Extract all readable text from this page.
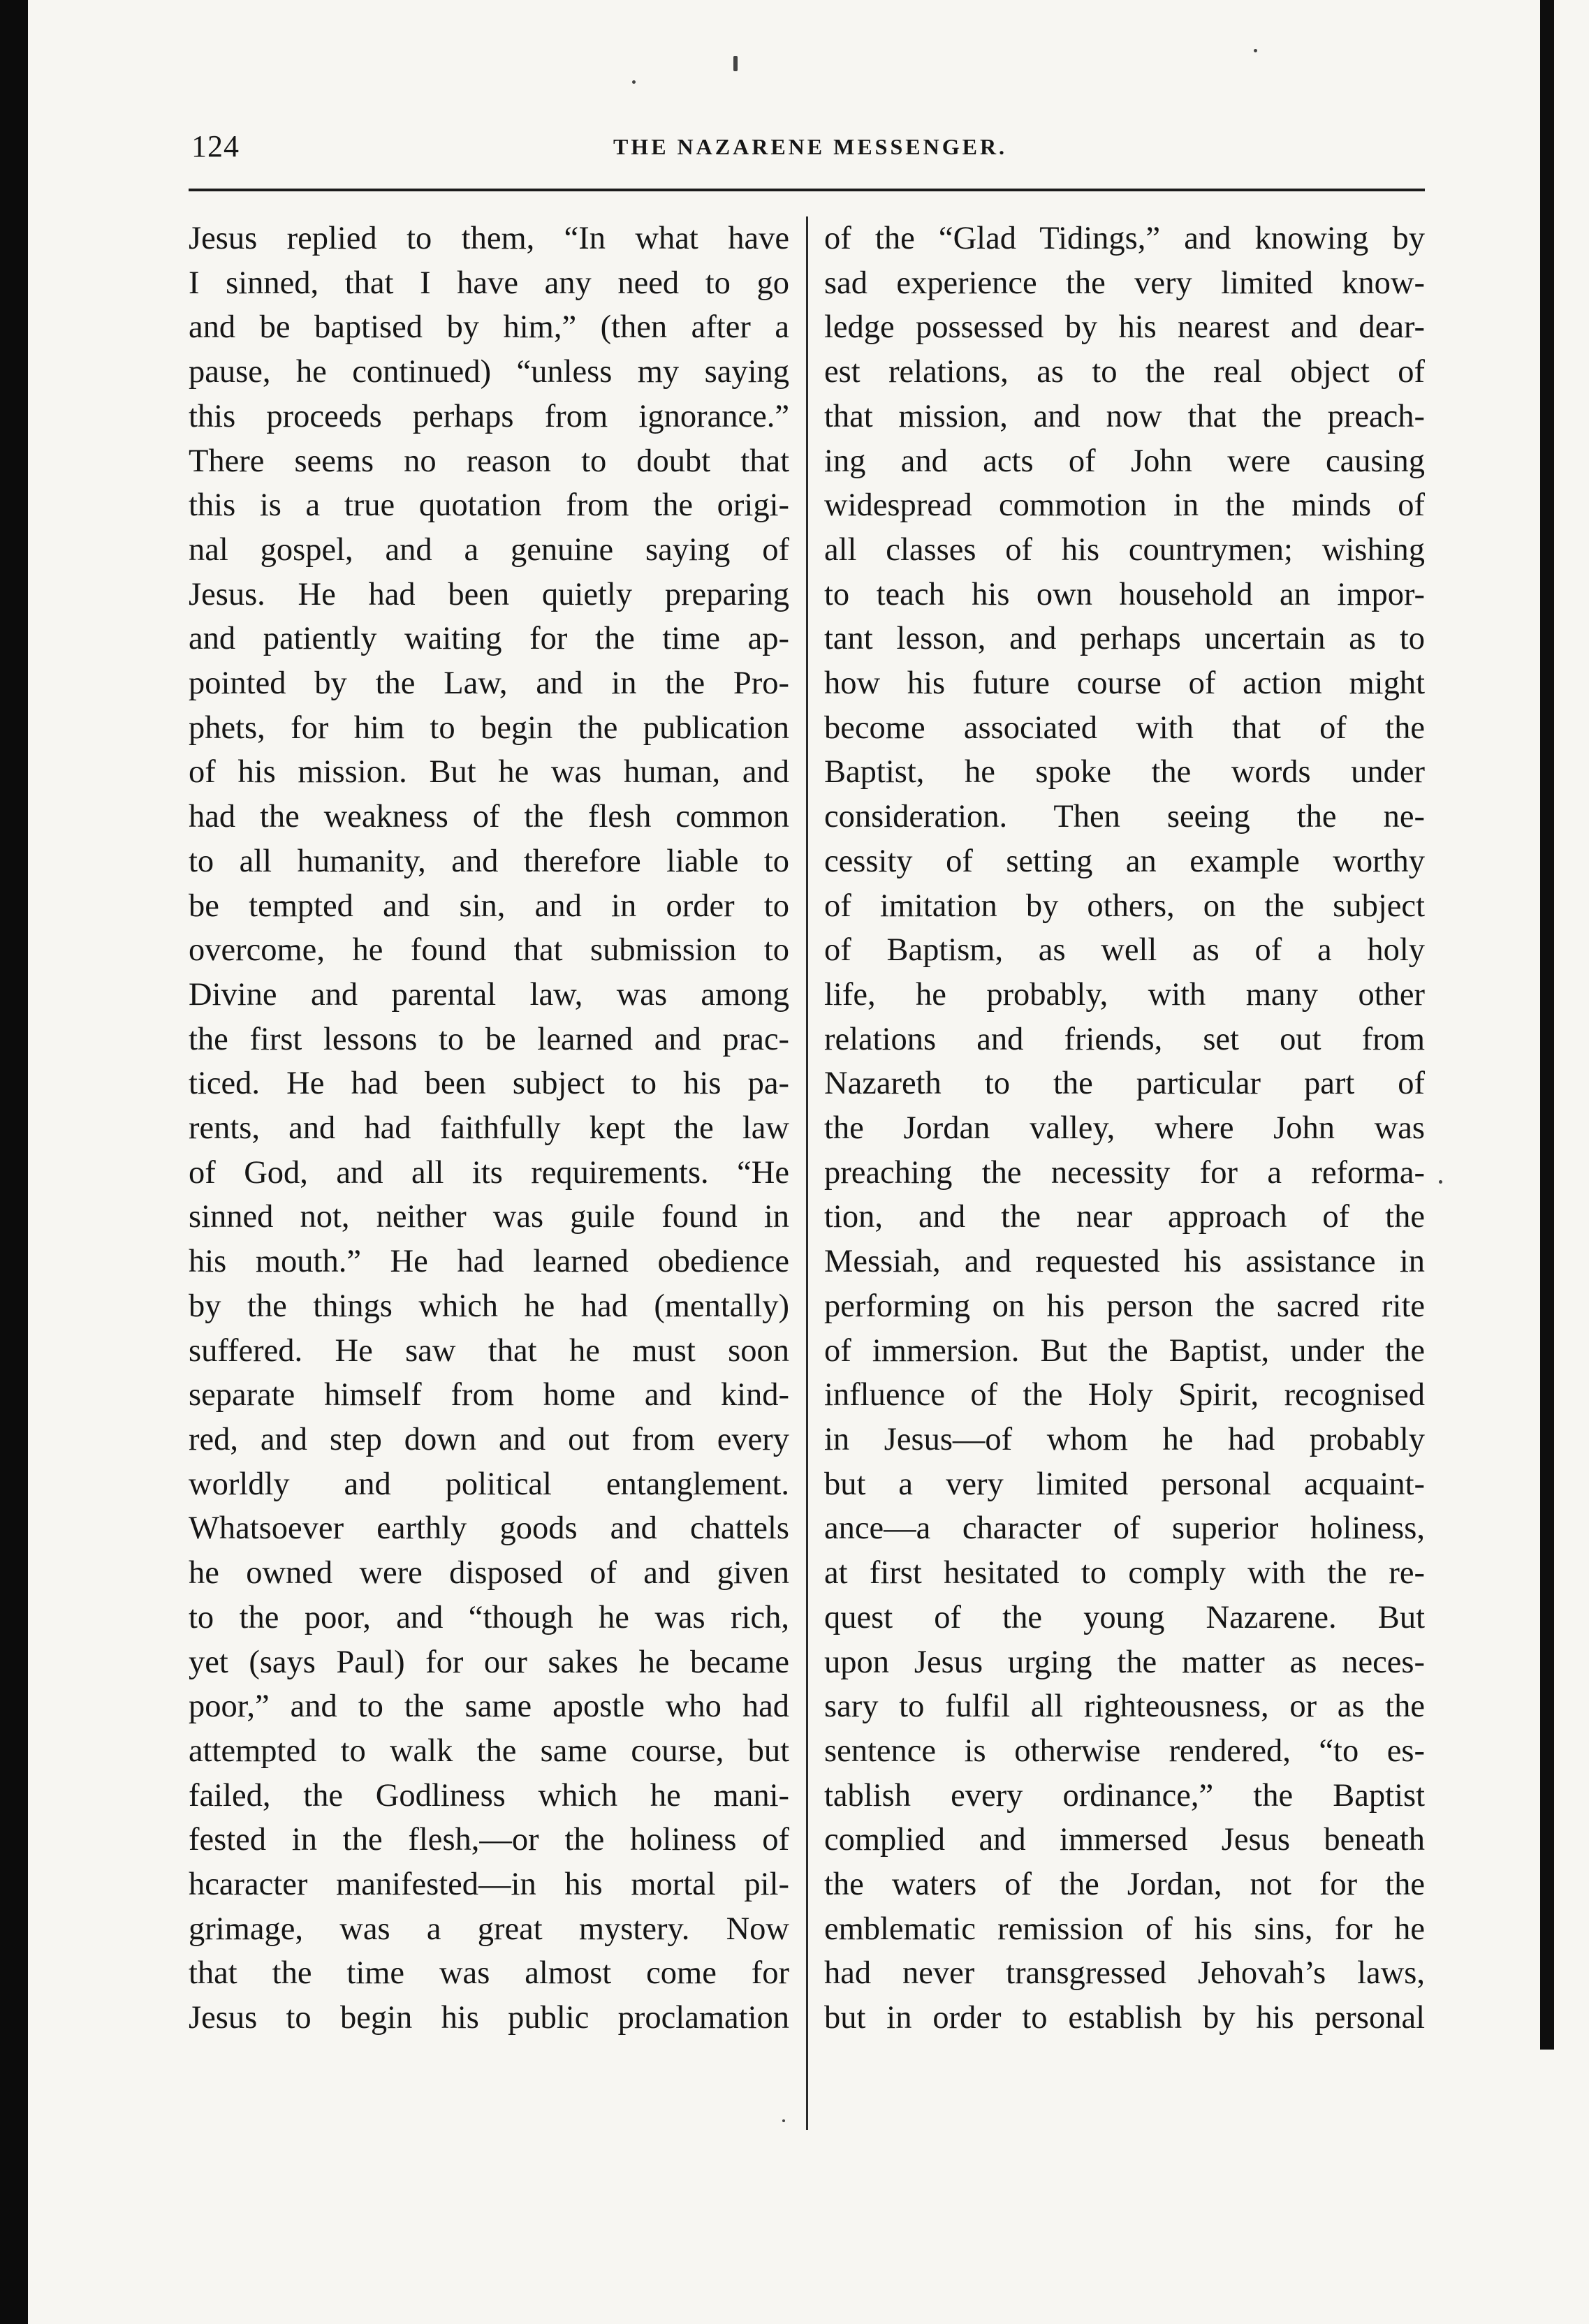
124	THE NAZARENE MESSENGER.
Jesus replied to them, “In what have
I sinned, that I have any need to go
and be baptised by him,” (then after a
pause, he continued) “unless my saying
this proceeds perhaps from ignorance.”
There seems no reason to doubt that
this is a true quotation from the origi-
nal gospel, and a genuine saying of
Jesus. He had been quietly preparing
and patiently waiting for the time ap-
pointed by the Law, and in the Pro-
phets, for him to begin the publication
of his mission. But he was human, and
had the weakness of the flesh common
to all humanity, and therefore liable to
be tempted and sin, and in order to
overcome, he found that submission to
Divine and parental law, was among
the first lessons to be learned and prac-
ticed. He had been subject to his pa-
rents, and had faithfully kept the law
of God, and all its requirements. “He
sinned not, neither was guile found in
his mouth.” He had learned obedience
by the things which he had (mentally)
suffered. He saw that he must soon
separate himself from home and kind-
red, and step down and out from every
worldly and political entanglement.
Whatsoever earthly goods and chattels
he owned were disposed of and given
to the poor, and “though he was rich,
yet (says Paul) for our sakes he became
poor,” and to the same apostle who had
attempted to walk the same course, but
failed, the Godliness which he mani-
fested in the flesh,—or the holiness of
hcaracter manifested—in his mortal pil-
grimage, was a great mystery. Now
that the time was almost come for
Jesus to begin his public proclamation
of the “Glad Tidings,” and knowing by
sad experience the very limited know-
ledge possessed by his nearest and dear-
est relations, as to the real object of
that mission, and now that the preach-
ing and acts of John were causing
widespread commotion in the minds of
all classes of his countrymen; wishing
to teach his own household an impor-
tant lesson, and perhaps uncertain as to
how his future course of action might
become associated with that of the
Baptist, he spoke the words under
consideration. Then seeing the ne-
cessity of setting an example worthy
of imitation by others, on the subject
of Baptism, as well as of a holy
life, he probably, with many other
relations and friends, set out from
Nazareth to the particular part of
the Jordan valley, where John was
preaching the necessity for a reforma-
tion, and the near approach of the
Messiah, and requested his assistance in
performing on his person the sacred rite
of immersion. But the Baptist, under the
influence of the Holy Spirit, recognised
in Jesus—of whom he had probably
but a very limited personal acquaint-
ance—a character of superior holiness,
at first hesitated to comply with the re-
quest of the young Nazarene. But
upon Jesus urging the matter as neces-
sary to fulfil all righteousness, or as the
sentence is otherwise rendered, “to es-
tablish every ordinance,” the Baptist
complied and immersed Jesus beneath
the waters of the Jordan, not for the
emblematic remission of his sins, for he
had never transgressed Jehovah’s laws,
but in order to establish by his personal
